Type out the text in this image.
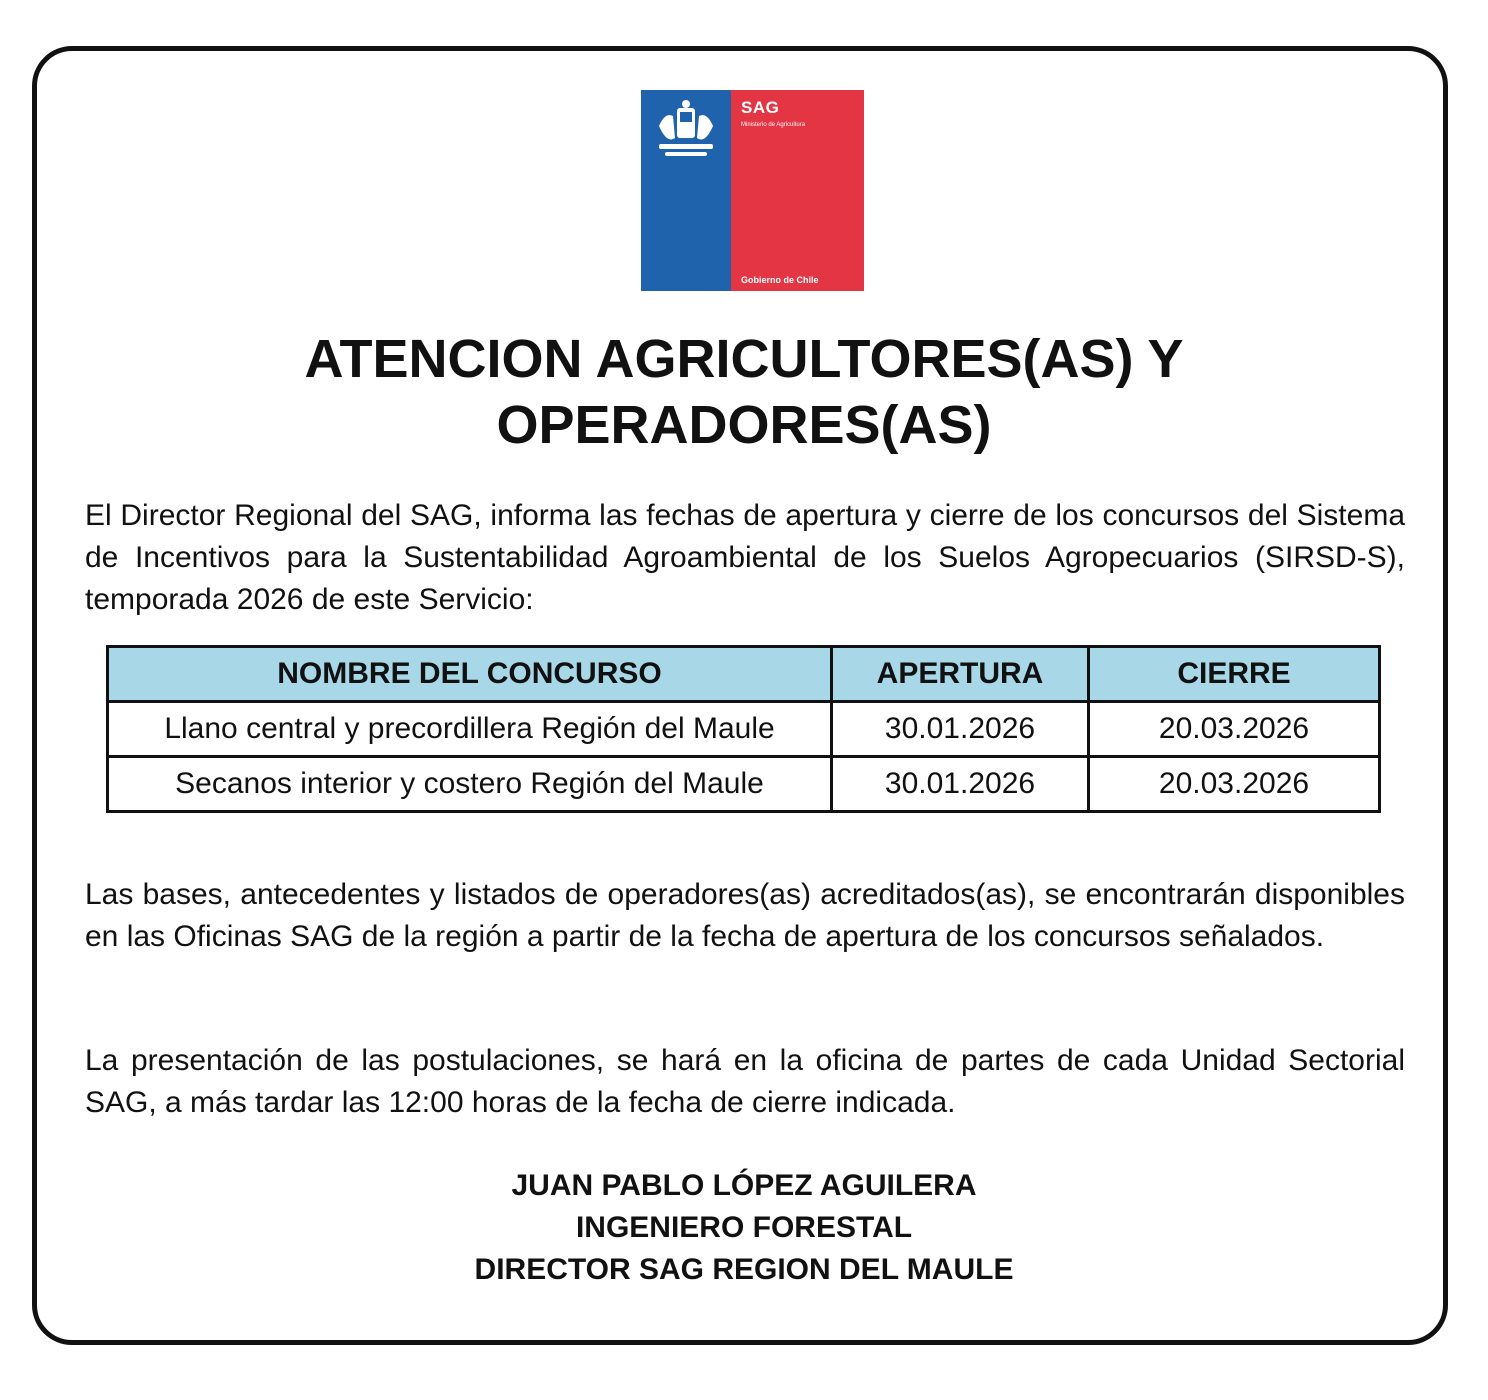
SAG
Ministerio de Agricultura
Gobierno de Chile
ATENCION AGRICULTORES(AS) Y
OPERADORES(AS)

El Director Regional del SAG, informa las fechas de apertura y cierre de los concursos del Sistema de Incentivos para la Sustentabilidad Agroambiental de los Suelos Agropecuarios (SIRSD-S), temporada 2026 de este Servicio:

NOMBRE DEL CONCURSO	APERTURA	CIERRE
Llano central y precordillera Región del Maule	30.01.2026	20.03.2026
Secanos interior y costero Región del Maule	30.01.2026	20.03.2026

Las bases, antecedentes y listados de operadores(as) acreditados(as), se encontrarán disponibles en las Oficinas SAG de la región a partir de la fecha de apertura de los concursos señalados.

La presentación de las postulaciones, se hará en la oficina de partes de cada Unidad Sectorial SAG, a más tardar las 12:00 horas de la fecha de cierre indicada.

JUAN PABLO LÓPEZ AGUILERA
INGENIERO FORESTAL
DIRECTOR SAG REGION DEL MAULE
